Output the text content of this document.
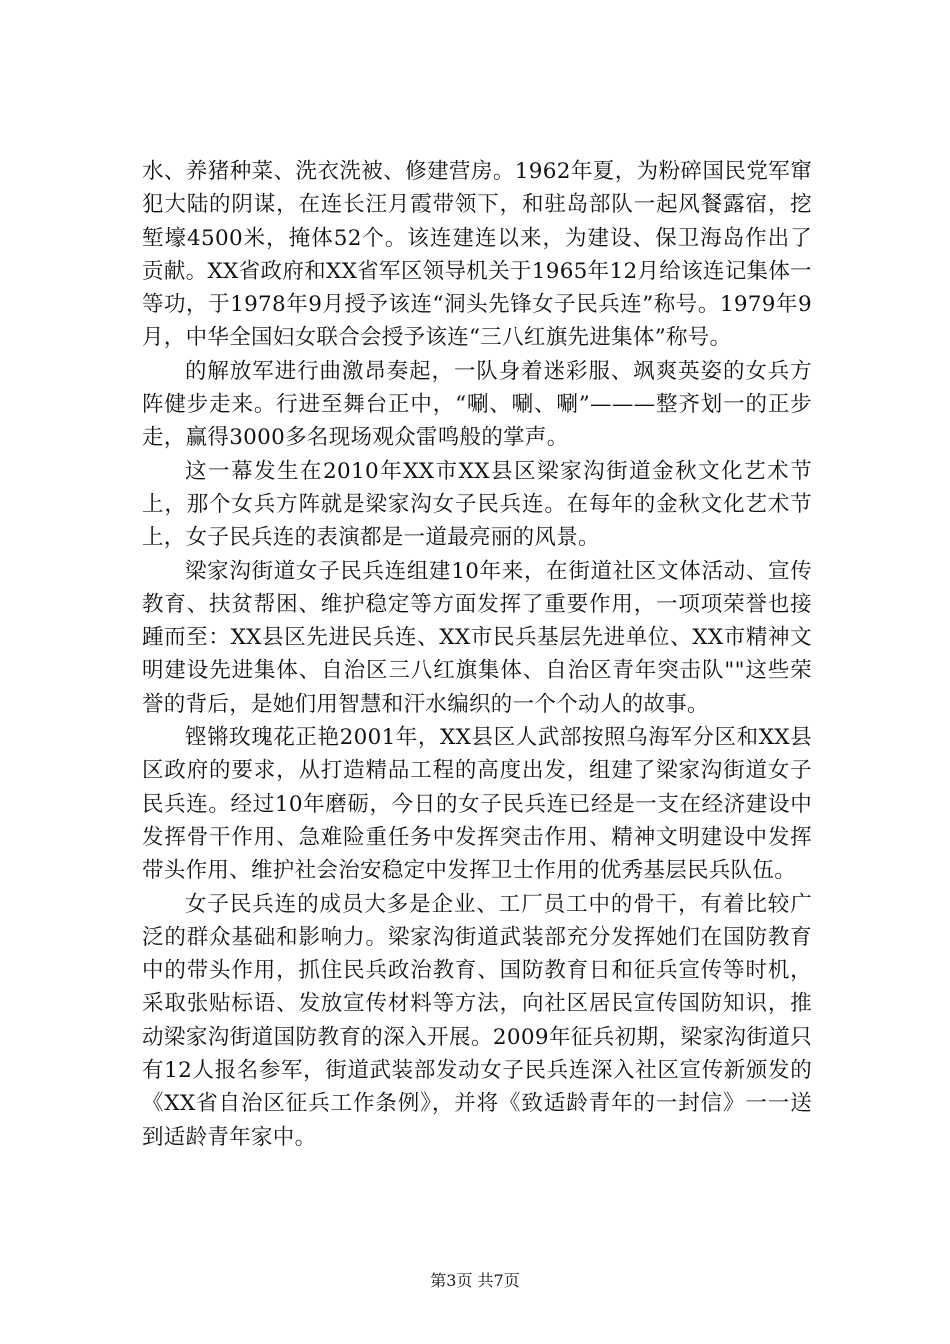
水、养猪种菜、洗衣洗被、修建营房。1962年夏，为粉碎国民党军窜犯大陆的阴谋，在连长汪月霞带领下，和驻岛部队一起风餐露宿，挖堑壕4500米，掩体52个。该连建连以来，为建设、保卫海岛作出了贡献。XX省政府和XX省军区领导机关于1965年12月给该连记集体一等功，于1978年9月授予该连“洞头先锋女子民兵连”称号。1979年9月，中华全国妇女联合会授予该连“三八红旗先进集体”称号。

的解放军进行曲激昂奏起，一队身着迷彩服、飒爽英姿的女兵方阵健步走来。行进至舞台正中，“唰、唰、唰”———整齐划一的正步走，赢得3000多名现场观众雷鸣般的掌声。

这一幕发生在2010年XX市XX县区梁家沟街道金秋文化艺术节上，那个女兵方阵就是梁家沟女子民兵连。在每年的金秋文化艺术节上，女子民兵连的表演都是一道最亮丽的风景。

梁家沟街道女子民兵连组建10年来，在街道社区文体活动、宣传教育、扶贫帮困、维护稳定等方面发挥了重要作用，一项项荣誉也接踵而至：XX县区先进民兵连、XX市民兵基层先进单位、XX市精神文明建设先进集体、自治区三八红旗集体、自治区青年突击队""这些荣誉的背后，是她们用智慧和汗水编织的一个个动人的故事。

铿锵玫瑰花正艳2001年，XX县区人武部按照乌海军分区和XX县区政府的要求，从打造精品工程的高度出发，组建了梁家沟街道女子民兵连。经过10年磨砺，今日的女子民兵连已经是一支在经济建设中发挥骨干作用、急难险重任务中发挥突击作用、精神文明建设中发挥带头作用、维护社会治安稳定中发挥卫士作用的优秀基层民兵队伍。

女子民兵连的成员大多是企业、工厂员工中的骨干，有着比较广泛的群众基础和影响力。梁家沟街道武装部充分发挥她们在国防教育中的带头作用，抓住民兵政治教育、国防教育日和征兵宣传等时机，采取张贴标语、发放宣传材料等方法，向社区居民宣传国防知识，推动梁家沟街道国防教育的深入开展。2009年征兵初期，梁家沟街道只有12人报名参军，街道武装部发动女子民兵连深入社区宣传新颁发的《XX省自治区征兵工作条例》，并将《致适龄青年的一封信》一一送到适龄青年家中。

第3页 共7页
